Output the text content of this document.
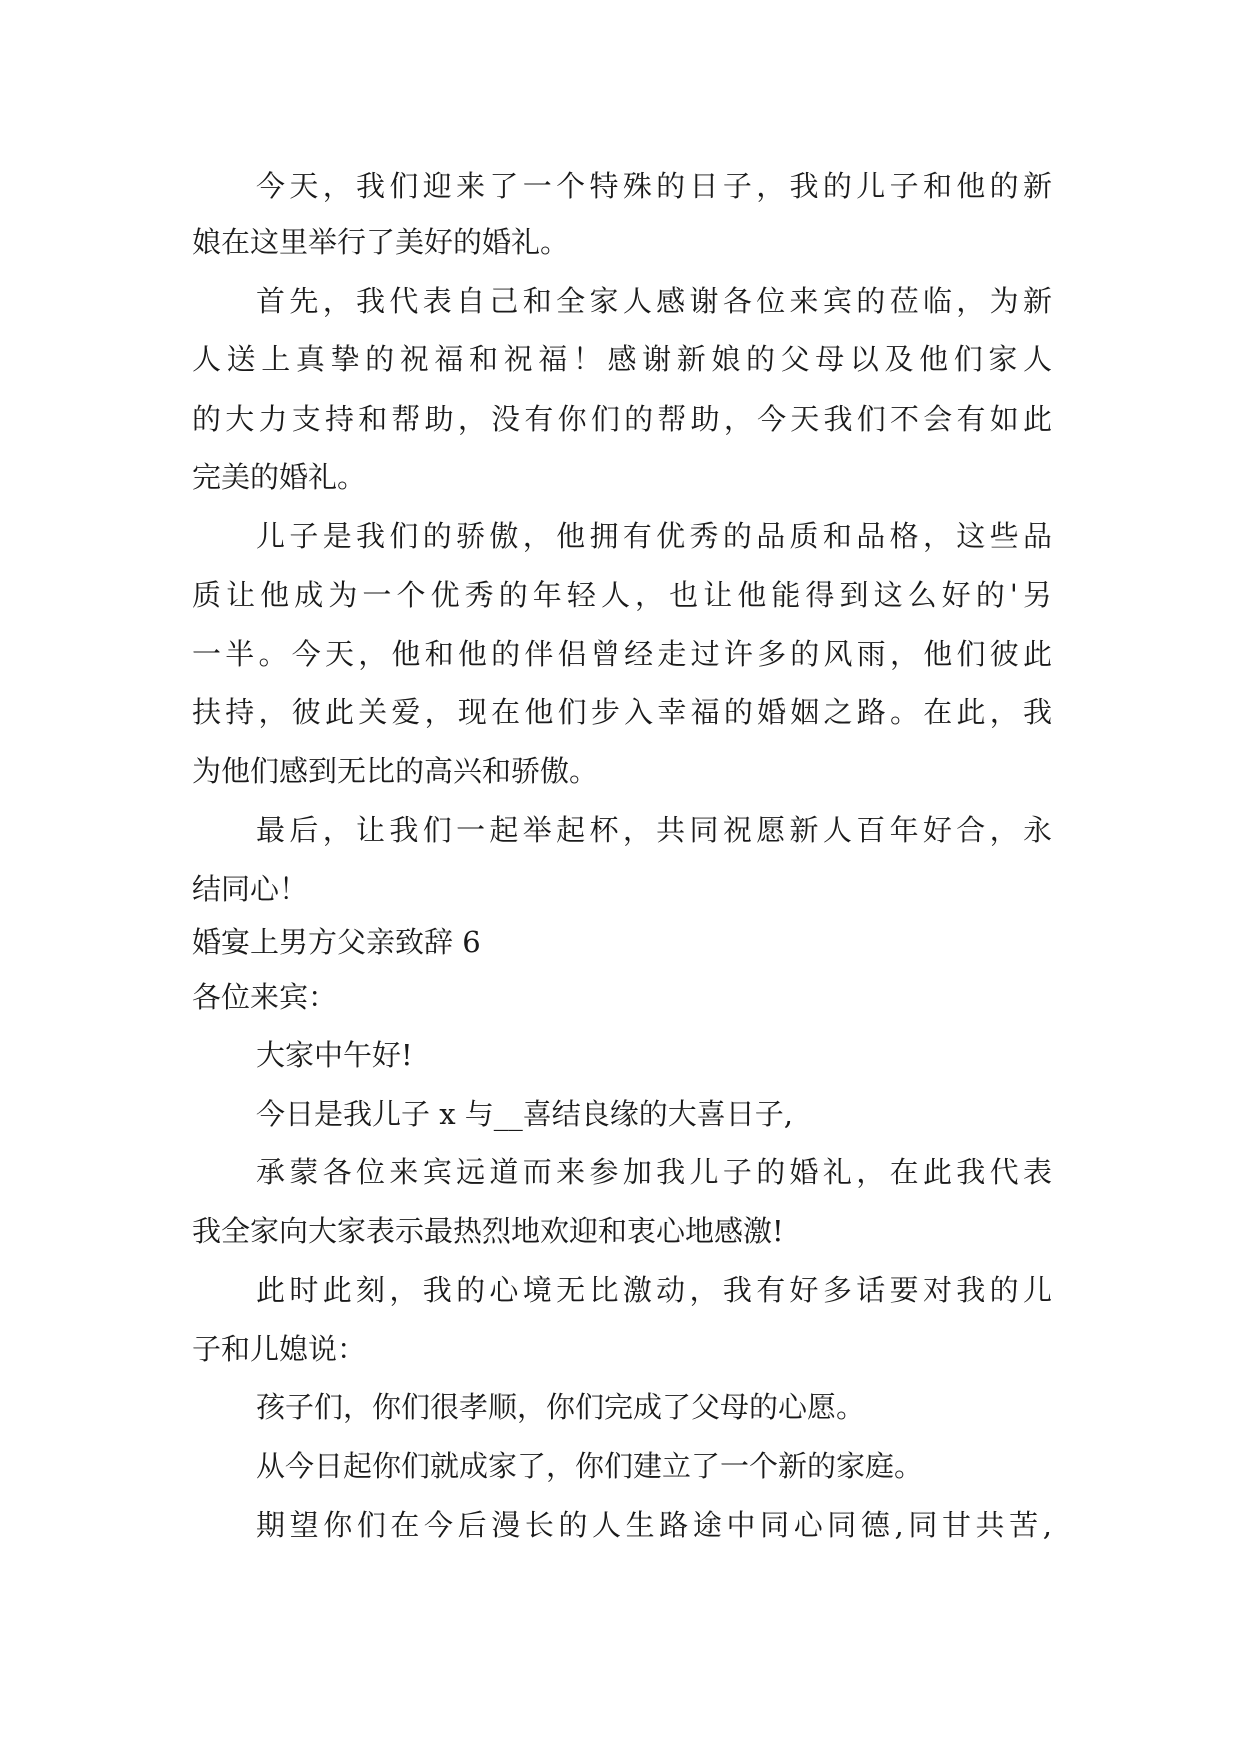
今天，我们迎来了一个特殊的日子，我的儿子和他的新
娘在这里举行了美好的婚礼。
首先，我代表自己和全家人感谢各位来宾的莅临，为新
人送上真挚的祝福和祝福！感谢新娘的父母以及他们家人
的大力支持和帮助，没有你们的帮助，今天我们不会有如此
完美的婚礼。
儿子是我们的骄傲，他拥有优秀的品质和品格，这些品
质让他成为一个优秀的年轻人，也让他能得到这么好的'另
一半。今天，他和他的伴侣曾经走过许多的风雨，他们彼此
扶持，彼此关爱，现在他们步入幸福的婚姻之路。在此，我
为他们感到无比的高兴和骄傲。
最后，让我们一起举起杯，共同祝愿新人百年好合，永
结同心！
婚宴上男方父亲致辞 6
各位来宾：
大家中午好!
今日是我儿子 x 与__喜结良缘的大喜日子,
承蒙各位来宾远道而来参加我儿子的婚礼，在此我代表
我全家向大家表示最热烈地欢迎和衷心地感激!
此时此刻，我的心境无比激动，我有好多话要对我的儿
子和儿媳说：
孩子们，你们很孝顺，你们完成了父母的心愿。
从今日起你们就成家了，你们建立了一个新的家庭。
期望你们在今后漫长的人生路途中同心同德,同甘共苦,
